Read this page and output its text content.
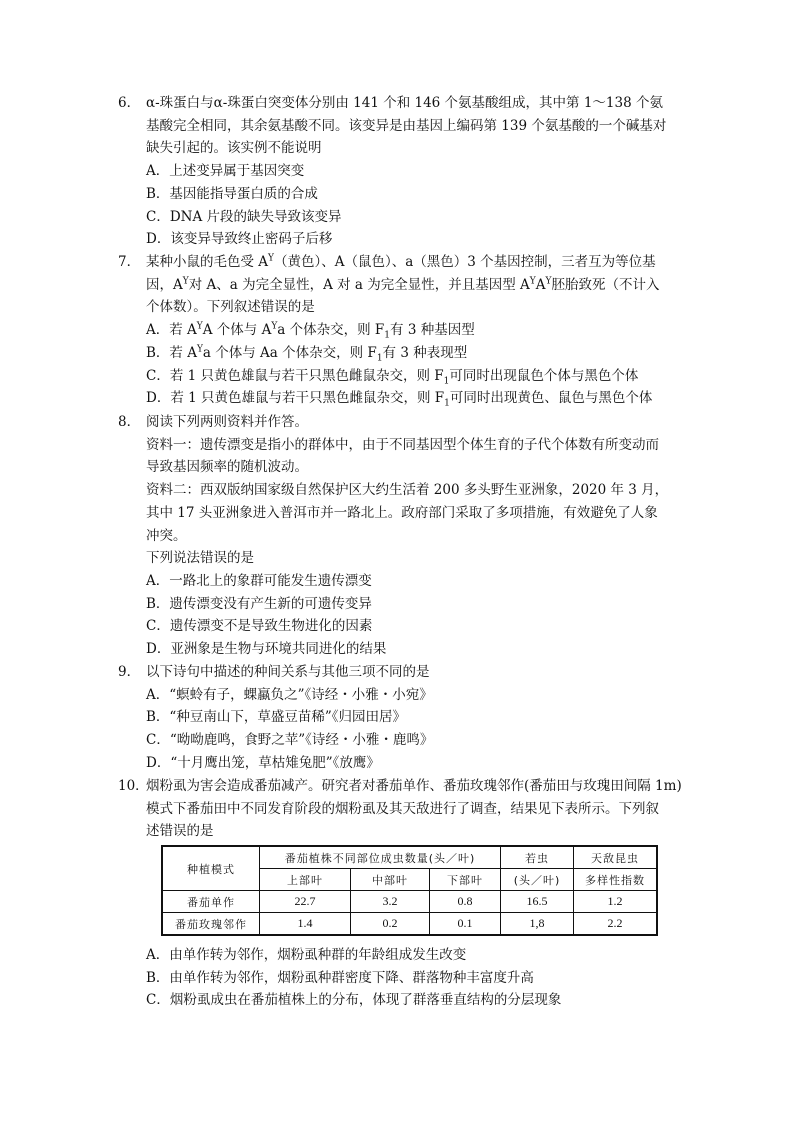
6． α-珠蛋白与α-珠蛋白突变体分别由 141 个和 146 个氨基酸组成，其中第 1～138 个氨
基酸完全相同，其余氨基酸不同。该变异是由基因上编码第 139 个氨基酸的一个碱基对
缺失引起的。该实例不能说明
A．上述变异属于基因突变
B．基因能指导蛋白质的合成
C．DNA 片段的缺失导致该变异
D．该变异导致终止密码子后移
7． 某种小鼠的毛色受 $A^Y$（黄色）、A（鼠色）、a（黑色）3 个基因控制，三者互为等位基
因，$A^Y$对 A、a 为完全显性，A 对 a 为完全显性，并且基因型 $A^YA^Y$胚胎致死（不计入
个体数）。下列叙述错误的是
A．若 $A^YA$ 个体与 $A^Ya$ 个体杂交，则 $F_1$有 3 种基因型
B．若 $A^Ya$ 个体与 Aa 个体杂交，则 $F_1$有 3 种表现型
C．若 1 只黄色雄鼠与若干只黑色雌鼠杂交，则 $F_1$可同时出现鼠色个体与黑色个体
D．若 1 只黄色雄鼠与若干只黑色雌鼠杂交，则 $F_1$可同时出现黄色、鼠色与黑色个体
8． 阅读下列两则资料并作答。
资料一：遗传漂变是指小的群体中，由于不同基因型个体生育的子代个体数有所变动而
导致基因频率的随机波动。
资料二：西双版纳国家级自然保护区大约生活着 200 多头野生亚洲象，2020 年 3 月，
其中 17 头亚洲象进入普洱市并一路北上。政府部门采取了多项措施，有效避免了人象
冲突。
下列说法错误的是
A．一路北上的象群可能发生遗传漂变
B．遗传漂变没有产生新的可遗传变异
C．遗传漂变不是导致生物进化的因素
D．亚洲象是生物与环境共同进化的结果
9． 以下诗句中描述的种间关系与其他三项不同的是
A．“螟蛉有子，蜾蠃负之”《诗经・小雅・小宛》
B．“种豆南山下，草盛豆苗稀”《归园田居》
C．“呦呦鹿鸣，食野之苹”《诗经・小雅・鹿鸣》
D．“十月鹰出笼，草枯雉兔肥”《放鹰》
10．
烟粉虱为害会造成番茄减产。研究者对番茄单作、番茄玫瑰邻作(番茄田与玫瑰田间隔 1m)
模式下番茄田中不同发育阶段的烟粉虱及其天敌进行了调查，结果见下表所示。下列叙
述错误的是
种植模式	番茄植株不同部位成虫数量(头／叶)			若虫	天敌昆虫
	上部叶	中部叶	下部叶	(头／叶)	多样性指数
番茄单作	22.7	3.2	0.8	16.5	1.2
番茄玫瑰邻作	1.4	0.2	0.1	1,8	2.2
A．由单作转为邻作，烟粉虱种群的年龄组成发生改变
B．由单作转为邻作，烟粉虱种群密度下降、群落物种丰富度升高
C．烟粉虱成虫在番茄植株上的分布，体现了群落垂直结构的分层现象
